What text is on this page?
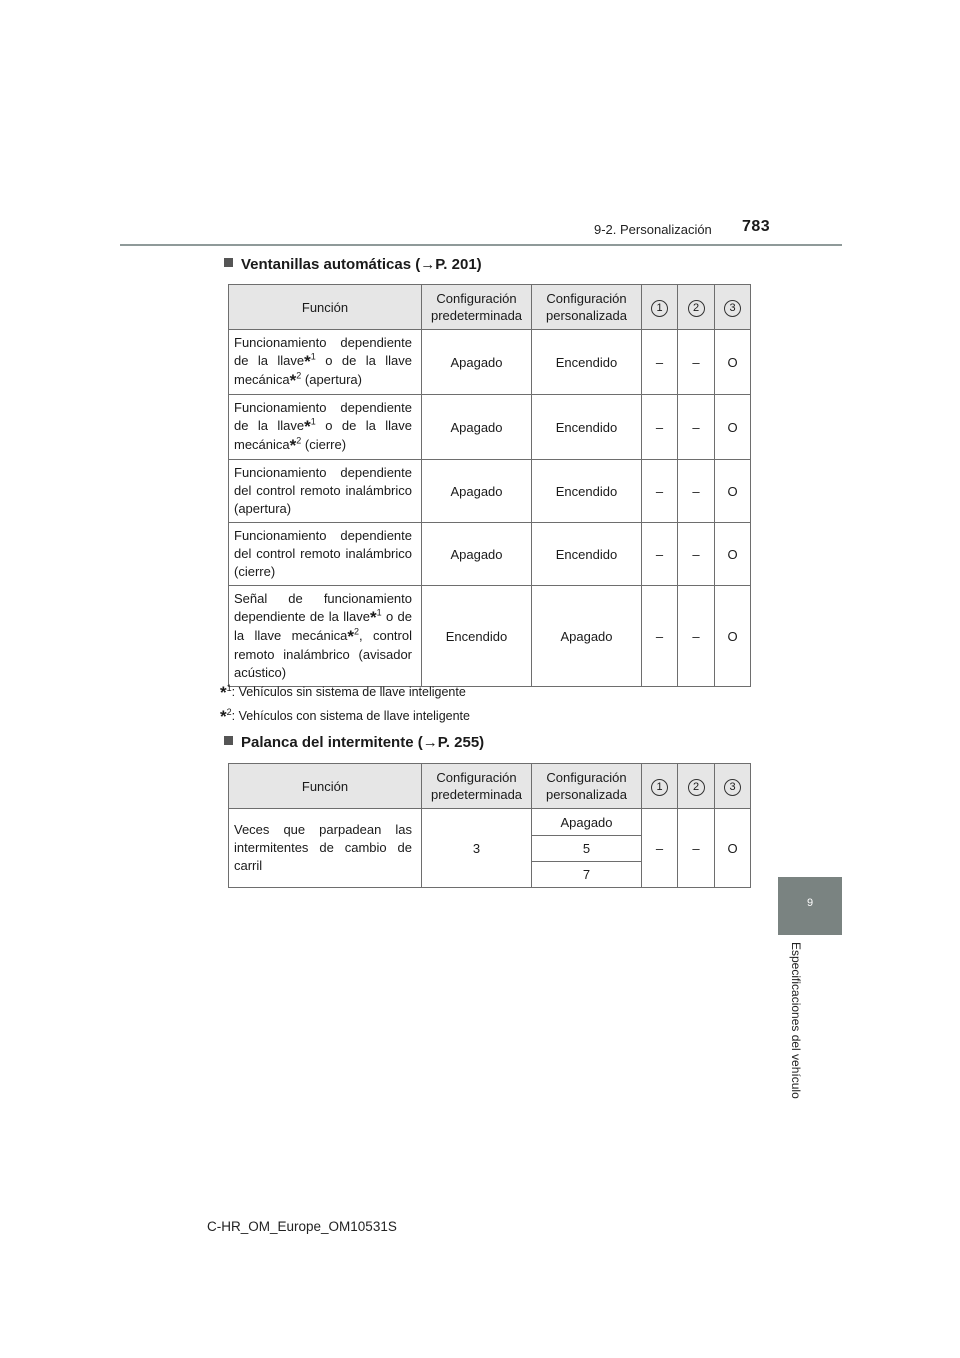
9-2. Personalización 783
9
Especificaciones del vehículo
Ventanillas automáticas (→P. 201)
Función	Configuración predeterminada	Configuración personalizada	1	2	3
Funcionamiento dependiente de la llave*$^1$ o de la llave mecánica*$^2$ (apertura)	Apagado	Encendido	–	–	O
Funcionamiento dependiente de la llave*$^1$ o de la llave mecánica*$^2$ (cierre)	Apagado	Encendido	–	–	O
Funcionamiento dependiente del control remoto inalámbrico (apertura)	Apagado	Encendido	–	–	O
Funcionamiento dependiente del control remoto inalámbrico (cierre)	Apagado	Encendido	–	–	O
Señal de funcionamiento dependiente de la llave*$^1$ o de la llave mecánica*$^2$, control remoto inalámbrico (avisador acústico)	Encendido	Apagado	–	–	O
*$^1$: Vehículos sin sistema de llave inteligente
*$^2$: Vehículos con sistema de llave inteligente
Palanca del intermitente (→P. 255)
Función	Configuración predeterminada	Configuración personalizada	1	2	3
Veces que parpadean las intermitentes de cambio de carril	3	Apagado	–	–	O
		5			
		7			
C-HR_OM_Europe_OM10531S
